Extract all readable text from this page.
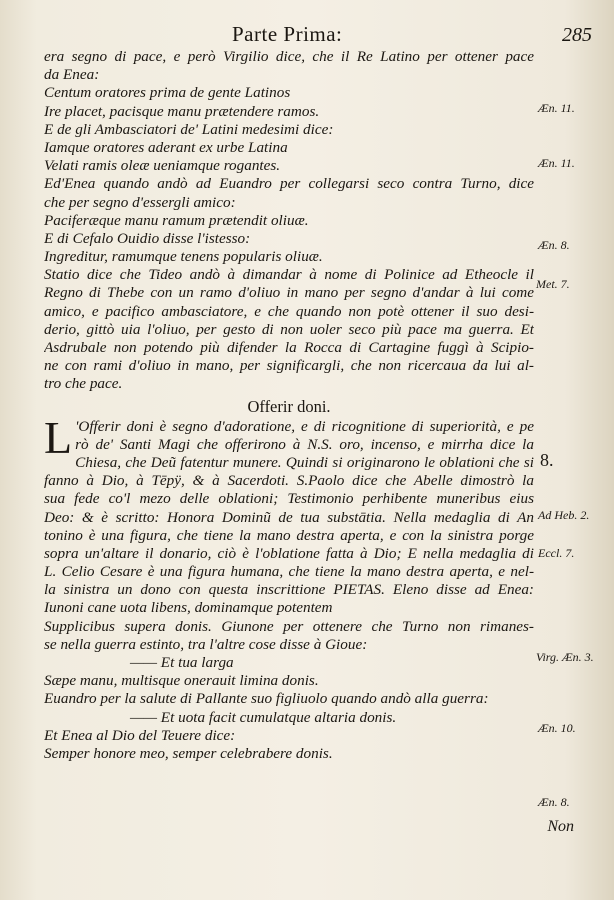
Parte Prima:	285
era segno di pace, e però Virgilio dice, che il Re Latino per ottener pace
da Enea:
Centum oratores prima de gente Latinos
Ire placet, pacisque manu prætendere ramos.
E de gli Ambasciatori de' Latini medesimi dice:
Iamque oratores aderant ex urbe Latina
Velati ramis oleæ ueniamque rogantes.
Ed'Enea quando andò ad Euandro per collegarsi seco contra Turno, dice
che per segno d'essergli amico:
Paciferæque manu ramum prætendit oliuæ.
E di Cefalo Ouidio disse l'istesso:
Ingreditur, ramumque tenens popularis oliuæ.
Statio dice che Tideo andò à dimandar à nome di Polinice ad Etheocle il
Regno di Thebe con un ramo d'oliuo in mano per segno d'andar à lui come
amico, e pacifico ambasciatore, e che quando non potè ottener il suo desi-
derio, gittò uia l'oliuo, per gesto di non uoler seco più pace ma guerra. Et
Asdrubale non potendo più difender la Rocca di Cartagine fuggì à Scipio-
ne con rami d'oliuo in mano, per significargli, che non ricercaua da lui al-
tro che pace.
Offerir doni.
L 'Offerir doni è segno d'adoratione, e di ricognitione di superiorità, e pe
rò de' Santi Magi che offerirono à N.S. oro, incenso, e mirrha dice la
Chiesa, che Deũ fatentur munere. Quindi si originarono le oblationi che si
fanno à Dio, à Tēpÿ, & à Sacerdoti. S.Paolo dice che Abelle dimostrò la
sua fede co'l mezo delle oblationi; Testimonio perhibente muneribus eius
Deo: & è scritto: Honora Dominũ de tua substātia. Nella medaglia di An
tonino è una figura, che tiene la mano destra aperta, e con la sinistra porge
sopra un'altare il donario, ciò è l'oblatione fatta à Dio; E nella medaglia di
L. Celio Cesare è una figura humana, che tiene la mano destra aperta, e nel-
la sinistra un dono con questa inscrittione PIETAS. Eleno disse ad Enea:
Iunoni cane uota libens, dominamque potentem
Supplicibus supera donis. Giunone per ottenere che Turno non rimanes-
se nella guerra estinto, tra l'altre cose disse à Gioue:
—— Et tua larga
Sæpe manu, multisque onerauit limina donis.
Euandro per la salute di Pallante suo figliuolo quando andò alla guerra:
—— Et uota facit cumulatque altaria donis.
Et Enea al Dio del Teuere dice:
Semper honore meo, semper celebrabere donis.
Æn. 11.
Æn. 11.
Æn. 8.
Met. 7.
8.
Ad Heb. 2.
Eccl. 7.
Virg. Æn. 3.
Æn. 10.
Æn. 8.
Non
